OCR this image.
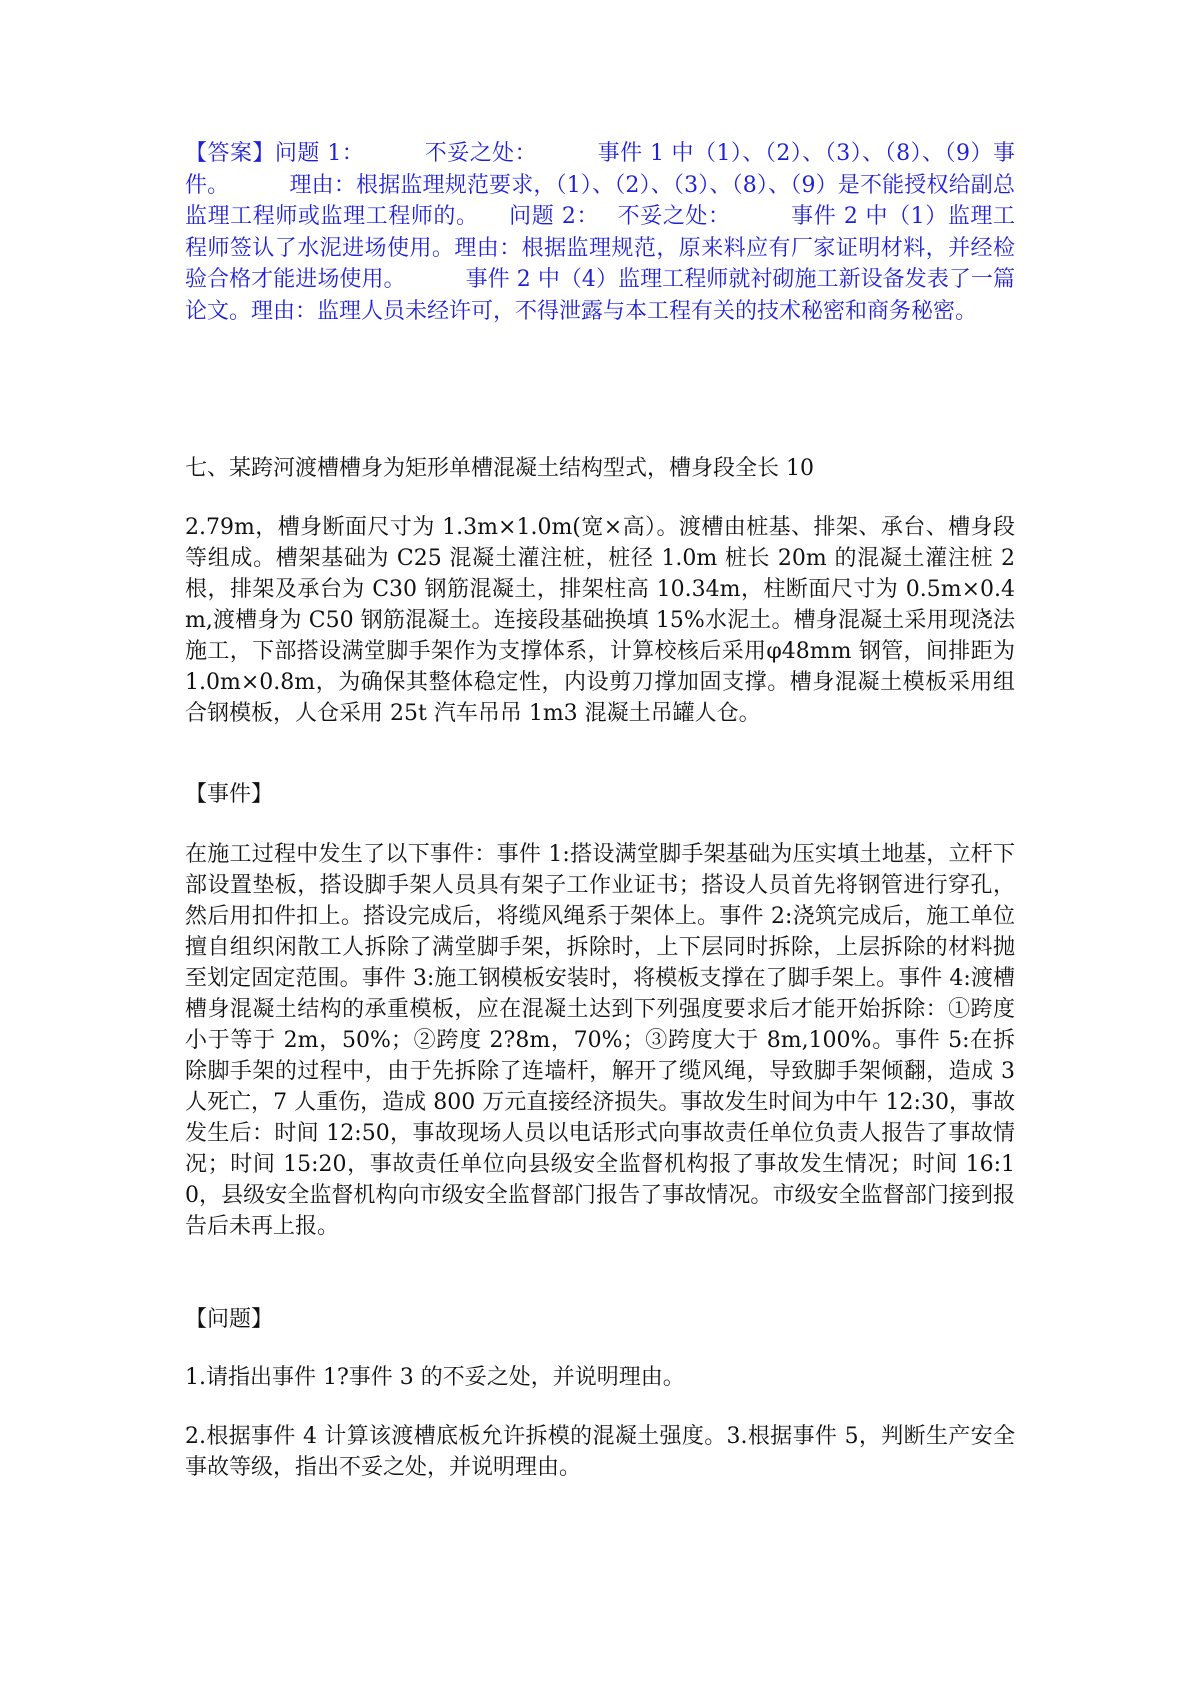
【答案】问题 1：	不妥之处：	事件 1 中（1）、（2）、（3）、（8）、（9）事件。	理由：根据监理规范要求，（1）、（2）、（3）、（8）、（9）是不能授权给副总监理工程师或监理工程师的。 问题 2： 不妥之处：	事件 2 中（1）监理工程师签认了水泥进场使用。理由：根据监理规范，原来料应有厂家证明材料，并经检验合格才能进场使用。	事件 2 中（4）监理工程师就衬砌施工新设备发表了一篇论文。理由：监理人员未经许可，不得泄露与本工程有关的技术秘密和商务秘密。

七、某跨河渡槽槽身为矩形单槽混凝土结构型式，槽身段全长 10

2.79m，槽身断面尺寸为 1.3m×1.0m(宽×高）。渡槽由桩基、排架、承台、槽身段等组成。槽架基础为 C25 混凝土灌注桩，桩径 1.0m 桩长 20m 的混凝土灌注桩 2 根，排架及承台为 C30 钢筋混凝土，排架柱高 10.34m，柱断面尺寸为 0.5m×0.4m,渡槽身为 C50 钢筋混凝土。连接段基础换填 15%水泥土。槽身混凝土采用现浇法施工，下部搭设满堂脚手架作为支撑体系，计算校核后采用φ48mm 钢管，间排距为 1.0m×0.8m，为确保其整体稳定性，内设剪刀撑加固支撑。槽身混凝土模板采用组合钢模板，人仓采用 25t 汽车吊吊 1m3 混凝土吊罐人仓。

【事件】

在施工过程中发生了以下事件：事件 1:搭设满堂脚手架基础为压实填土地基，立杆下部设置垫板，搭设脚手架人员具有架子工作业证书；搭设人员首先将钢管进行穿孔，然后用扣件扣上。搭设完成后，将缆风绳系于架体上。事件 2:浇筑完成后，施工单位擅自组织闲散工人拆除了满堂脚手架，拆除时，上下层同时拆除，上层拆除的材料抛至划定固定范围。事件 3:施工钢模板安装时，将模板支撑在了脚手架上。事件 4:渡槽槽身混凝土结构的承重模板，应在混凝土达到下列强度要求后才能开始拆除：①跨度小于等于 2m，50%；②跨度 2?8m，70%；③跨度大于 8m,100%。事件 5:在拆除脚手架的过程中，由于先拆除了连墙杆，解开了缆风绳，导致脚手架倾翻，造成 3 人死亡，7 人重伤，造成 800 万元直接经济损失。事故发生时间为中午 12:30，事故发生后：时间 12:50，事故现场人员以电话形式向事故责任单位负责人报告了事故情况；时间 15:20，事故责任单位向县级安全监督机构报了事故发生情况；时间 16:10，县级安全监督机构向市级安全监督部门报告了事故情况。市级安全监督部门接到报告后未再上报。

【问题】

1.请指出事件 1?事件 3 的不妥之处，并说明理由。

2.根据事件 4 计算该渡槽底板允许拆模的混凝土强度。3.根据事件 5，判断生产安全事故等级，指出不妥之处，并说明理由。
